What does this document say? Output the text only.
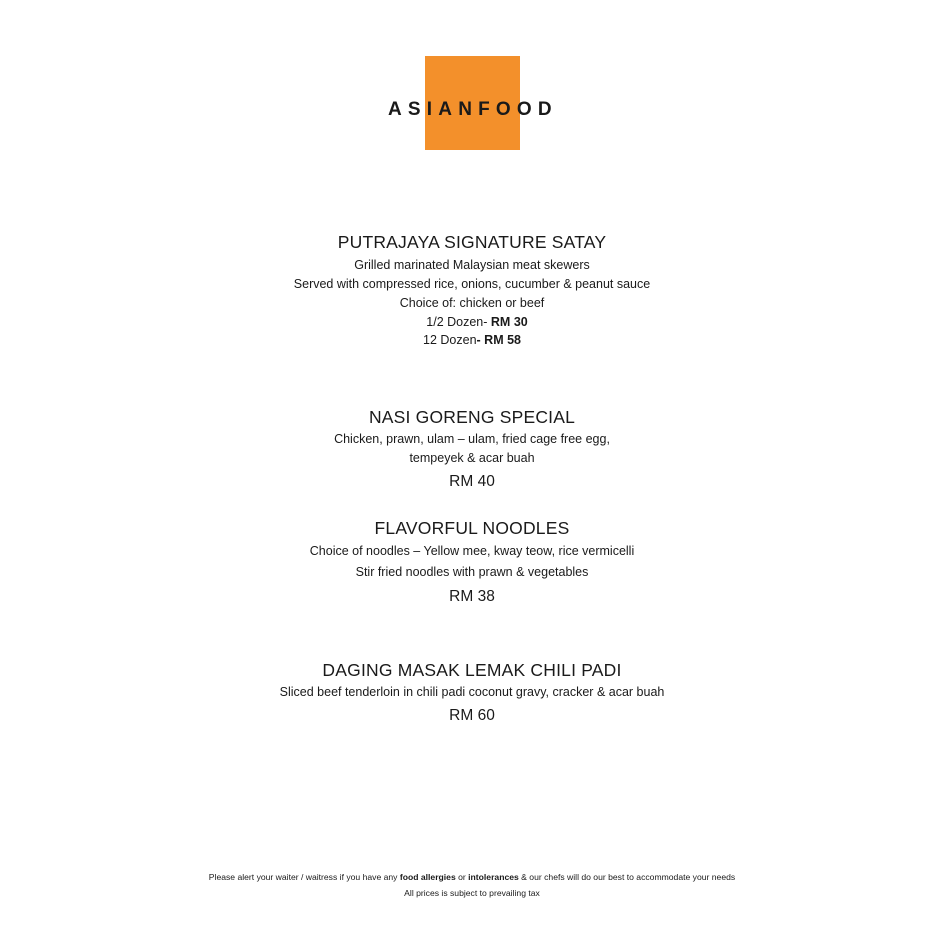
ASIANFOOD
PUTRAJAYA SIGNATURE SATAY

Grilled marinated Malaysian meat skewers

Served with compressed rice, onions, cucumber & peanut sauce

Choice of: chicken or beef

1/2 Dozen- RM 30

12 Dozen- RM 58

NASI GORENG SPECIAL

Chicken, prawn, ulam – ulam, fried cage free egg,

tempeyek & acar buah

RM 40

FLAVORFUL NOODLES

Choice of noodles – Yellow mee, kway teow, rice vermicelli

Stir fried noodles with prawn & vegetables

RM 38

DAGING MASAK LEMAK CHILI PADI

Sliced beef tenderloin in chili padi coconut gravy, cracker & acar buah

RM 60

Please alert your waiter / waitress if you have any food allergies or intolerances & our chefs will do our best to accommodate your needs
All prices is subject to prevailing tax
